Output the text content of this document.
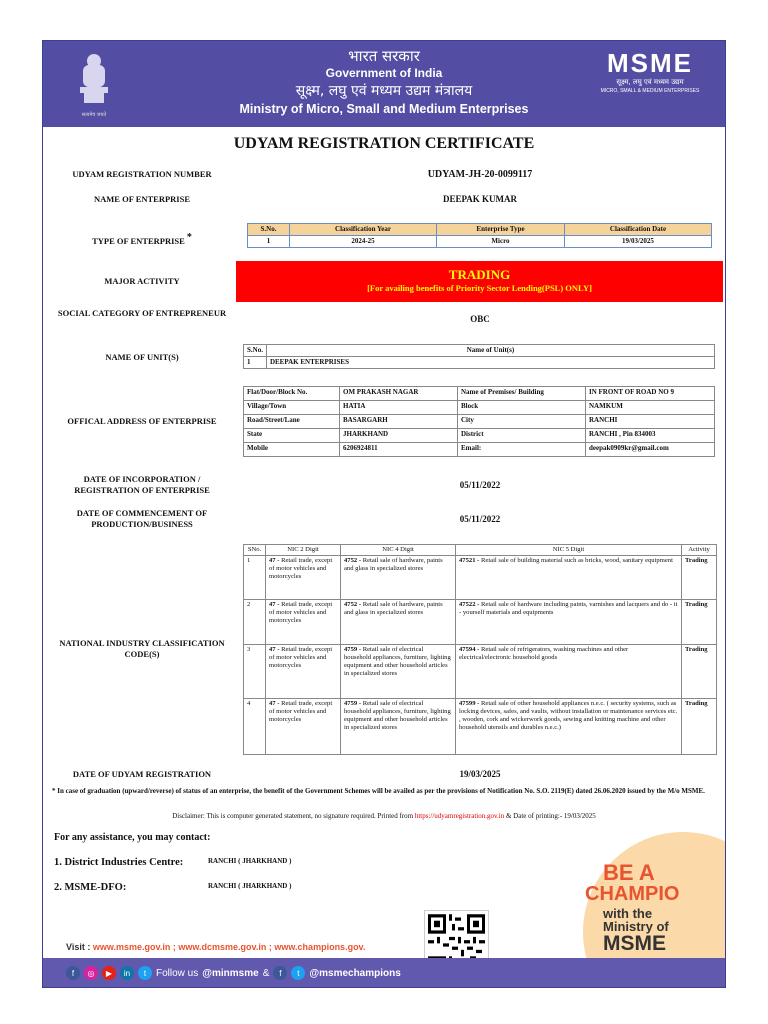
सत्यमेव जयते
भारत सरकार
Government of India
सूक्ष्म, लघु एवं मध्यम उद्यम मंत्रालय
Ministry of Micro, Small and Medium Enterprises
MSME
सूक्ष्म, लघु एवं मध्यम उद्यम
MICRO, SMALL & MEDIUM ENTERPRISES
UDYAM REGISTRATION CERTIFICATE
UDYAM REGISTRATION NUMBER	UDYAM-JH-20-0099117
NAME OF ENTERPRISE	DEEPAK KUMAR
TYPE OF ENTERPRISE *
S.No.	Classification Year	Enterprise Type	Classification Date
1	2024-25	Micro	19/03/2025
MAJOR ACTIVITY	TRADING
[For availing benefits of Priority Sector Lending(PSL) ONLY]
SOCIAL CATEGORY OF ENTREPRENEUR
OBC
NAME OF UNIT(S)
S.No.	Name of Unit(s)
1	DEEPAK ENTERPRISES
OFFICAL ADDRESS OF ENTERPRISE
Flat/Door/Block No.	OM PRAKASH NAGAR	Name of Premises/ Building	IN FRONT OF ROAD NO 9
Village/Town	HATIA	Block	NAMKUM
Road/Street/Lane	BASARGARH	City	RANCHI
State	JHARKHAND	District	RANCHI , Pin 834003
Mobile	6206924811	Email:	deepak0909kr@gmail.com
DATE OF INCORPORATION / REGISTRATION OF ENTERPRISE	05/11/2022
DATE OF COMMENCEMENT OF PRODUCTION/BUSINESS	05/11/2022
NATIONAL INDUSTRY CLASSIFICATION CODE(S)
SNo.	NIC 2 Digit	NIC 4 Digit	NIC 5 Digit	Activity
1	47 - Retail trade, except of motor vehicles and motorcycles	4752 - Retail sale of hardware, paints and glass in specialized stores	47521 - Retail sale of building material such as bricks, wood, sanitary equipment	Trading
2	47 - Retail trade, except of motor vehicles and motorcycles	4752 - Retail sale of hardware, paints and glass in specialized stores	47522 - Retail sale of hardware including paints, varnishes and lacquers and do - it - yourself materials and equipments	Trading
3	47 - Retail trade, except of motor vehicles and motorcycles	4759 - Retail sale of electrical household appliances, furniture, lighting equipment and other household articles in specialized stores	47594 - Retail sale of refrigerators, washing machines and other electrical/electronic household goods	Trading
4	47 - Retail trade, except of motor vehicles and motorcycles	4759 - Retail sale of electrical household appliances, furniture, lighting equipment and other household articles in specialized stores	47599 - Retail sale of other household appliances n.e.c. ( security systems, such as locking devices, safes, and vaults, without installation or maintenance services etc. , wooden, cork and wickerwork goods, sewing and knitting machine and other household utensils and durables n.e.c.)	Trading
DATE OF UDYAM REGISTRATION	19/03/2025
* In case of graduation (upward/reverse) of status of an enterprise, the benefit of the Government Schemes will be availed as per the provisions of Notification No. S.O. 2119(E) dated 26.06.2020 issued by the M/o MSME.
Disclaimer: This is computer generated statement, no signature required. Printed from https://udyamregistration.gov.in & Date of printing:- 19/03/2025
For any assistance, you may contact:
1. District Industries Centre:	RANCHI ( JHARKHAND )
2. MSME-DFO:	RANCHI ( JHARKHAND )
BE A
CHAMPIO
with the
Ministry of
MSME
Visit : www.msme.gov.in ; www.dcmsme.gov.in ; www.champions.gov.
f	◎	▶	in	t Follow us @minmsme &	f	t @msmechampions
